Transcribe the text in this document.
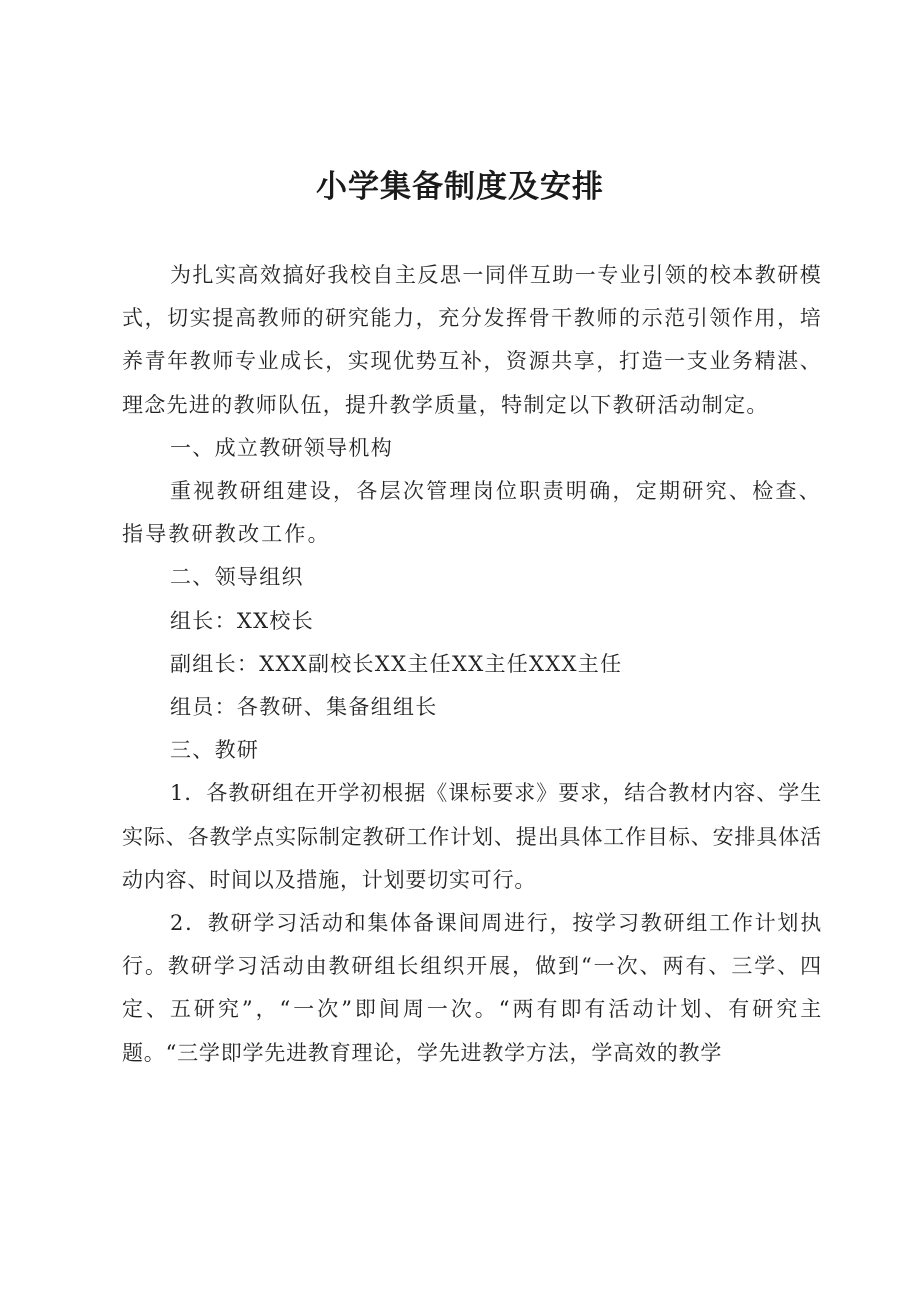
小学集备制度及安排

为扎实高效搞好我校自主反思一同伴互助一专业引领的校本教研模式，切实提高教师的研究能力，充分发挥骨干教师的示范引领作用，培养青年教师专业成长，实现优势互补，资源共享，打造一支业务精湛、理念先进的教师队伍，提升教学质量，特制定以下教研活动制定。

一、成立教研领导机构

重视教研组建设，各层次管理岗位职责明确，定期研究、检查、指导教研教改工作。

二、领导组织

组长：XX校长

副组长：XXX副校长XX主任XX主任XXX主任

组员：各教研、集备组组长

三、教研

1．各教研组在开学初根据《课标要求》要求，结合教材内容、学生实际、各教学点实际制定教研工作计划、提出具体工作目标、安排具体活动内容、时间以及措施，计划要切实可行。

2．教研学习活动和集体备课间周进行，按学习教研组工作计划执行。教研学习活动由教研组长组织开展，做到“一次、两有、三学、四定、五研究”，“一次”即间周一次。“两有即有活动计划、有研究主题。“三学即学先进教育理论，学先进教学方法，学高效的教学
